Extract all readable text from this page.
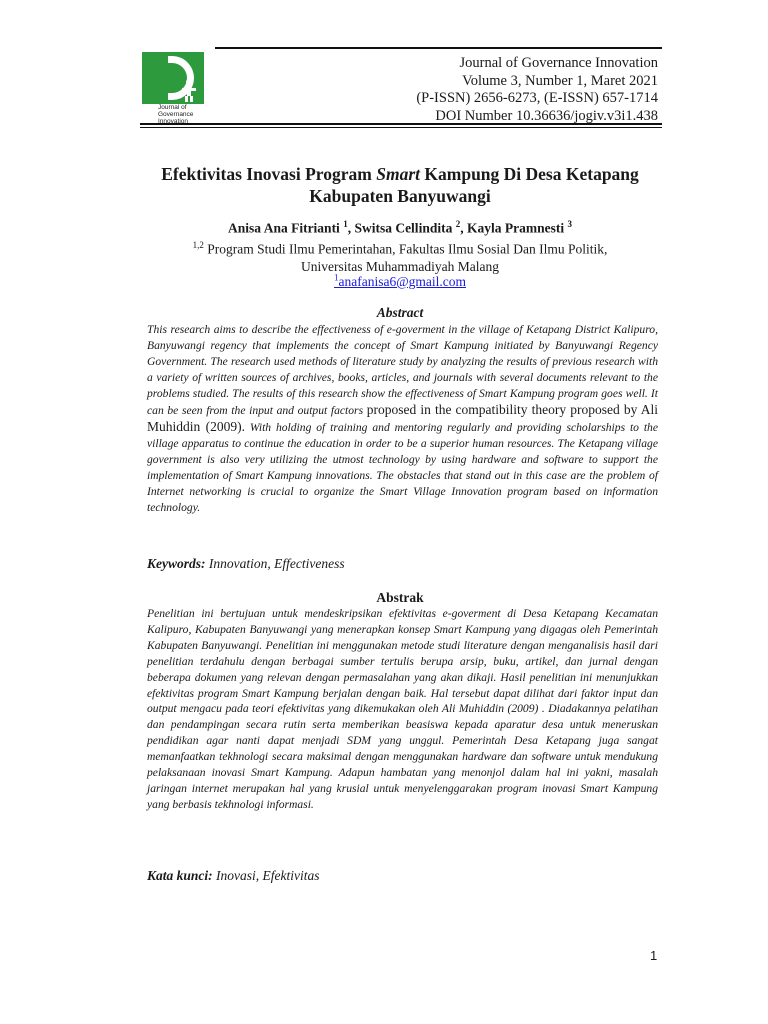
Journal of
Governance
Innovation
Journal of Governance Innovation
Volume 3, Number 1, Maret 2021
(P-ISSN) 2656-6273, (E-ISSN) 657-1714
DOI Number 10.36636/jogiv.v3i1.438
Efektivitas Inovasi Program Smart Kampung Di Desa Ketapang
Kabupaten Banyuwangi
Anisa Ana Fitrianti $^1$, Switsa Cellindita $^2$, Kayla Pramnesti $^3$
$^{1,2}$ Program Studi Ilmu Pemerintahan, Fakultas Ilmu Sosial Dan Ilmu Politik,
Universitas Muhammadiyah Malang
$^1$anafanisa6@gmail.com
Abstract
This research aims to describe the effectiveness of e-goverment in the village of Ketapang District Kalipuro, Banyuwangi regency that implements the concept of Smart Kampung initiated by Banyuwangi Regency Government. The research used methods of literature study by analyzing the results of previous research with a variety of written sources of archives, books, articles, and journals with several documents relevant to the problems studied. The results of this research show the effectiveness of Smart Kampung program goes well. It can be seen from the input and output factors proposed in the compatibility theory proposed by Ali Muhiddin (2009). With holding of training and mentoring regularly and providing scholarships to the village apparatus to continue the education in order to be a superior human resources. The Ketapang village government is also very utilizing the utmost technology by using hardware and software to support the implementation of Smart Kampung innovations. The obstacles that stand out in this case are the problem of Internet networking is crucial to organize the Smart Village Innovation program based on information technology.
Keywords: Innovation, Effectiveness
Abstrak
Penelitian ini bertujuan untuk mendeskripsikan efektivitas e-goverment di Desa Ketapang Kecamatan Kalipuro, Kabupaten Banyuwangi yang menerapkan konsep Smart Kampung yang digagas oleh Pemerintah Kabupaten Banyuwangi. Penelitian ini menggunakan metode studi literature dengan menganalisis hasil dari penelitian terdahulu dengan berbagai sumber tertulis berupa arsip, buku, artikel, dan jurnal dengan beberapa dokumen yang relevan dengan permasalahan yang akan dikaji. Hasil penelitian ini menunjukkan efektivitas program Smart Kampung berjalan dengan baik. Hal tersebut dapat dilihat dari faktor input dan output mengacu pada teori efektivitas yang dikemukakan oleh Ali Muhiddin (2009) . Diadakannya pelatihan dan pendampingan secara rutin serta memberikan beasiswa kepada aparatur desa untuk meneruskan pendidikan agar nanti dapat menjadi SDM yang unggul. Pemerintah Desa Ketapang juga sangat memanfaatkan tekhnologi secara maksimal dengan menggunakan hardware dan software untuk mendukung pelaksanaan inovasi Smart Kampung. Adapun hambatan yang menonjol dalam hal ini yakni, masalah jaringan internet merupakan hal yang krusial untuk menyelenggarakan program inovasi Smart Kampung yang berbasis tekhnologi informasi.
Kata kunci: Inovasi, Efektivitas
1
